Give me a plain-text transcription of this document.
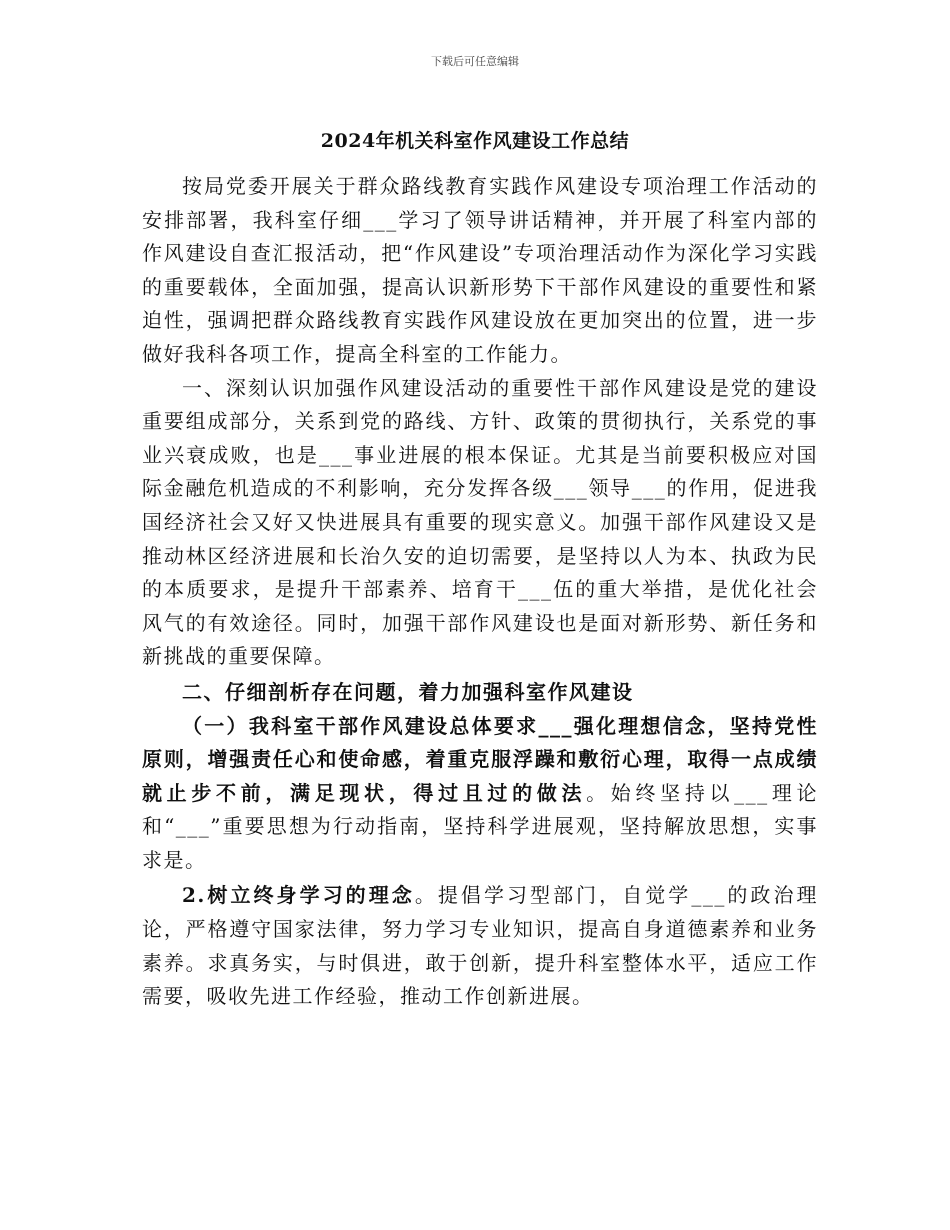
下载后可任意编辑
2024年机关科室作风建设工作总结

按局党委开展关于群众路线教育实践作风建设专项治理工作活动的安排部署，我科室仔细___学习了领导讲话精神，并开展了科室内部的作风建设自查汇报活动，把“作风建设”专项治理活动作为深化学习实践的重要载体，全面加强，提高认识新形势下干部作风建设的重要性和紧迫性，强调把群众路线教育实践作风建设放在更加突出的位置，进一步做好我科各项工作，提高全科室的工作能力。

一、深刻认识加强作风建设活动的重要性干部作风建设是党的建设重要组成部分，关系到党的路线、方针、政策的贯彻执行，关系党的事业兴衰成败，也是___事业进展的根本保证。尤其是当前要积极应对国际金融危机造成的不利影响，充分发挥各级___领导___的作用，促进我国经济社会又好又快进展具有重要的现实意义。加强干部作风建设又是推动林区经济进展和长治久安的迫切需要，是坚持以人为本、执政为民的本质要求，是提升干部素养、培育干___伍的重大举措，是优化社会风气的有效途径。同时，加强干部作风建设也是面对新形势、新任务和新挑战的重要保障。

二、仔细剖析存在问题，着力加强科室作风建设

（一）我科室干部作风建设总体要求___强化理想信念，坚持党性原则，增强责任心和使命感，着重克服浮躁和敷衍心理，取得一点成绩就止步不前，满足现状，得过且过的做法。始终坚持以___理论和“___”重要思想为行动指南，坚持科学进展观，坚持解放思想，实事求是。

2.树立终身学习的理念。提倡学习型部门，自觉学___的政治理论，严格遵守国家法律，努力学习专业知识，提高自身道德素养和业务素养。求真务实，与时俱进，敢于创新，提升科室整体水平，适应工作需要，吸收先进工作经验，推动工作创新进展。
